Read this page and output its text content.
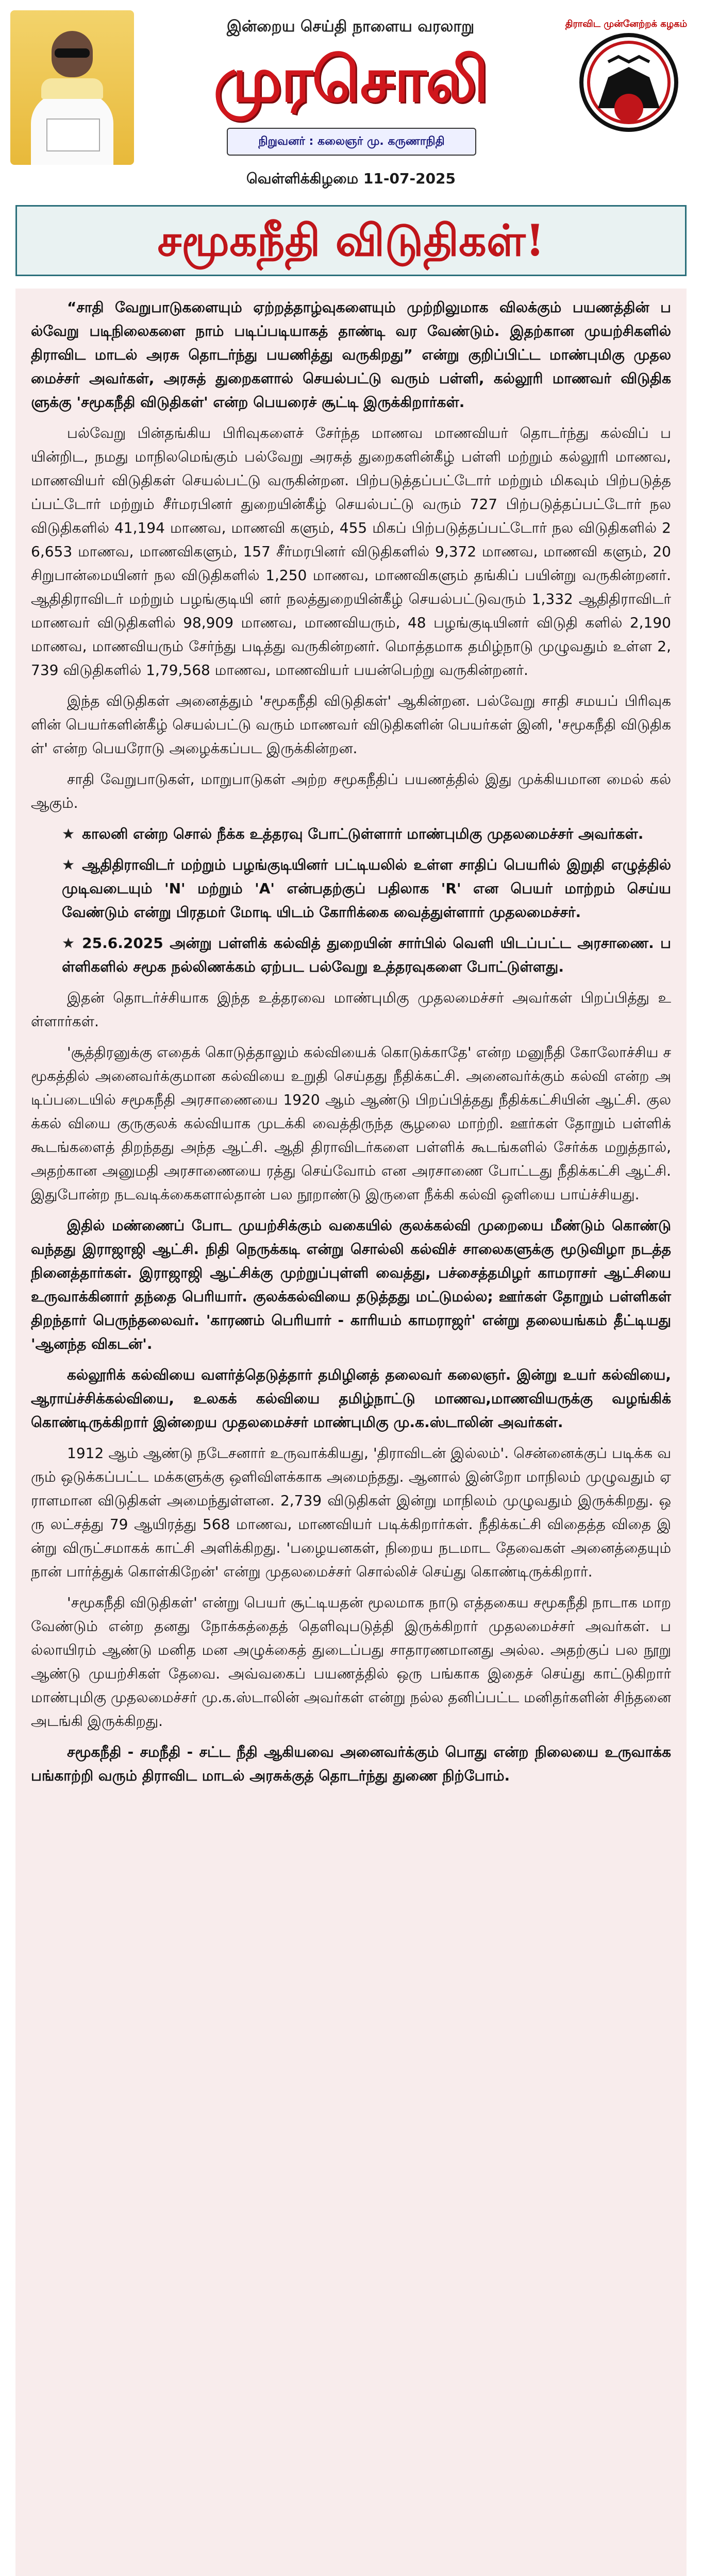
இன்றைய செய்தி நாளைய வரலாறு
முரசொலி
நிறுவனர் : கலைஞர் மு. கருணாநிதி
திராவிட முன்னேற்றக் கழகம்
வெள்ளிக்கிழமை 11-07-2025
சமூகநீதி விடுதிகள்!

“சாதி வேறுபாடுகளையும் ஏற்றத்தாழ்வுகளையும் முற்றிலுமாக விலக்கும் பயணத்தின் பல்வேறு படிநிலைகளை நாம் படிப்படியாகத் தாண்டி வர வேண்டும். இதற்கான முயற்சிகளில் திராவிட மாடல் அரசு தொடர்ந்து பயணித்து வருகிறது” என்று குறிப்பிட்ட மாண்புமிகு முதலமைச்சர் அவர்கள், அரசுத் துறைகளால் செயல்பட்டு வரும் பள்ளி, கல்லூரி மாணவர் விடுதிகளுக்கு 'சமூகநீதி விடுதிகள்' என்ற பெயரைச் சூட்டி இருக்கிறார்கள்.

பல்வேறு பின்தங்கிய பிரிவுகளைச் சேர்ந்த மாணவ மாணவியர் தொடர்ந்து கல்விப் பயின்றிட, நமது மாநிலமெங்கும் பல்வேறு அரசுத் துறைகளின்கீழ் பள்ளி மற்றும் கல்லூரி மாணவ, மாணவியர் விடுதிகள் செயல்பட்டு வருகின்றன. பிற்படுத்தப்பட்டோர் மற்றும் மிகவும் பிற்படுத்தப்பட்டோர் மற்றும் சீர்மரபினர் துறையின்கீழ் செயல்பட்டு வரும் 727 பிற்படுத்தப்பட்டோர் நல விடுதிகளில் 41,194 மாணவ, மாணவி களும், 455 மிகப் பிற்படுத்தப்பட்டோர் நல விடுதிகளில் 26,653 மாணவ, மாணவிகளும், 157 சீர்மரபினர் விடுதிகளில் 9,372 மாணவ, மாணவி களும், 20 சிறுபான்மையினர் நல விடுதிகளில் 1,250 மாணவ, மாணவிகளும் தங்கிப் பயின்று வருகின்றனர். ஆதிதிராவிடர் மற்றும் பழங்குடியி னர் நலத்துறையின்கீழ் செயல்பட்டுவரும் 1,332 ஆதிதிராவிடர் மாணவர் விடுதிகளில் 98,909 மாணவ, மாணவியரும், 48 பழங்குடியினர் விடுதி களில் 2,190 மாணவ, மாணவியரும் சேர்ந்து படித்து வருகின்றனர். மொத்தமாக தமிழ்நாடு முழுவதும் உள்ள 2,739 விடுதிகளில் 1,79,568 மாணவ, மாணவியர் பயன்பெற்று வருகின்றனர்.

இந்த விடுதிகள் அனைத்தும் 'சமூகநீதி விடுதிகள்' ஆகின்றன. பல்வேறு சாதி சமயப் பிரிவுகளின் பெயர்களின்கீழ் செயல்பட்டு வரும் மாணவர் விடுதிகளின் பெயர்கள் இனி, 'சமூகநீதி விடுதிகள்' என்ற பெயரோடு அழைக்கப்பட இருக்கின்றன.

சாதி வேறுபாடுகள், மாறுபாடுகள் அற்ற சமூகநீதிப் பயணத்தில் இது முக்கியமான மைல் கல் ஆகும்.

★ காலனி என்ற சொல் நீக்க உத்தரவு போட்டுள்ளார் மாண்புமிகு முதலமைச்சர் அவர்கள்.
★ ஆதிதிராவிடர் மற்றும் பழங்குடியினர் பட்டியலில் உள்ள சாதிப் பெயரில் இறுதி எழுத்தில் முடிவடையும் 'N' மற்றும் 'A' என்பதற்குப் பதிலாக 'R' என பெயர் மாற்றம் செய்ய வேண்டும் என்று பிரதமர் மோடி யிடம் கோரிக்கை வைத்துள்ளார் முதலமைச்சர்.
★ 25.6.2025 அன்று பள்ளிக் கல்வித் துறையின் சார்பில் வெளி யிடப்பட்ட அரசாணை. பள்ளிகளில் சமூக நல்லிணக்கம் ஏற்பட பல்வேறு உத்தரவுகளை போட்டுள்ளது.

இதன் தொடர்ச்சியாக இந்த உத்தரவை மாண்புமிகு முதலமைச்சர் அவர்கள் பிறப்பித்து உள்ளார்கள்.

'சூத்திரனுக்கு எதைக் கொடுத்தாலும் கல்வியைக் கொடுக்காதே' என்ற மனுநீதி கோலோச்சிய சமூகத்தில் அனைவர்க்குமான கல்வியை உறுதி செய்தது நீதிக்கட்சி. அனைவர்க்கும் கல்வி என்ற அடிப்படையில் சமூகநீதி அரசாணையை 1920 ஆம் ஆண்டு பிறப்பித்தது நீதிக்கட்சியின் ஆட்சி. குலக்கல் வியை குருகுலக் கல்வியாக முடக்கி வைத்திருந்த சூழலை மாற்றி. ஊர்கள் தோறும் பள்ளிக் கூடங்களைத் திறந்தது அந்த ஆட்சி. ஆதி திராவிடர்களை பள்ளிக் கூடங்களில் சேர்க்க மறுத்தால், அதற்கான அனுமதி அரசாணையை ரத்து செய்வோம் என அரசாணை போட்டது நீதிக்கட்சி ஆட்சி. இதுபோன்ற நடவடிக்கைகளால்தான் பல நூறாண்டு இருளை நீக்கி கல்வி ஒளியை பாய்ச்சியது.

இதில் மண்ணைப் போட முயற்சிக்கும் வகையில் குலக்கல்வி முறையை மீண்டும் கொண்டு வந்தது இராஜாஜி ஆட்சி. நிதி நெருக்கடி என்று சொல்லி கல்விச் சாலைகளுக்கு மூடுவிழா நடத்த நினைத்தார்கள். இராஜாஜி ஆட்சிக்கு முற்றுப்புள்ளி வைத்து, பச்சைத்தமிழர் காமராசர் ஆட்சியை உருவாக்கினார் தந்தை பெரியார். குலக்கல்வியை தடுத்தது மட்டுமல்ல; ஊர்கள் தோறும் பள்ளிகள் திறந்தார் பெருந்தலைவர். 'காரணம் பெரியார் - காரியம் காமராஜர்' என்று தலையங்கம் தீட்டியது 'ஆனந்த விகடன்'.

கல்லூரிக் கல்வியை வளர்த்தெடுத்தார் தமிழினத் தலைவர் கலைஞர். இன்று உயர் கல்வியை, ஆராய்ச்சிக்கல்வியை, உலகக் கல்வியை தமிழ்நாட்டு மாணவ,மாணவியருக்கு வழங்கிக் கொண்டிருக்கிறார் இன்றைய முதலமைச்சர் மாண்புமிகு மு.க.ஸ்டாலின் அவர்கள்.

1912 ஆம் ஆண்டு நடேசனார் உருவாக்கியது, 'திராவிடன் இல்லம்'. சென்னைக்குப் படிக்க வரும் ஒடுக்கப்பட்ட மக்களுக்கு ஒளிவிளக்காக அமைந்தது. ஆனால் இன்றோ மாநிலம் முழுவதும் ஏராளமான விடுதிகள் அமைந்துள்ளன. 2,739 விடுதிகள் இன்று மாநிலம் முழுவதும் இருக்கிறது. ஒரு லட்சத்து 79 ஆயிரத்து 568 மாணவ, மாணவியர் படிக்கிறார்கள். நீதிக்கட்சி விதைத்த விதை இன்று விருட்சமாகக் காட்சி அளிக்கிறது. 'பழையனகள், நிறைய நடமாட தேவைகள் அனைத்தையும் நான் பார்த்துக் கொள்கிறேன்' என்று முதலமைச்சர் சொல்லிச் செய்து கொண்டிருக்கிறார்.

'சமூகநீதி விடுதிகள்' என்று பெயர் சூட்டியதன் மூலமாக நாடு எத்தகைய சமூகநீதி நாடாக மாற வேண்டும் என்ற தனது நோக்கத்தைத் தெளிவுபடுத்தி இருக்கிறார் முதலமைச்சர் அவர்கள். பல்லாயிரம் ஆண்டு மனித மன அழுக்கைத் துடைப்பது சாதாரணமானது அல்ல. அதற்குப் பல நூறு ஆண்டு முயற்சிகள் தேவை. அவ்வகைப் பயணத்தில் ஒரு பங்காக இதைச் செய்து காட்டுகிறார் மாண்புமிகு முதலமைச்சர் மு.க.ஸ்டாலின் அவர்கள் என்று நல்ல தனிப்பட்ட மனிதர்களின் சிந்தனை அடங்கி இருக்கிறது.

சமூகநீதி - சமநீதி - சட்ட நீதி ஆகியவை அனைவர்க்கும் பொது என்ற நிலையை உருவாக்க பங்காற்றி வரும் திராவிட மாடல் அரசுக்குத் தொடர்ந்து துணை நிற்போம்.
